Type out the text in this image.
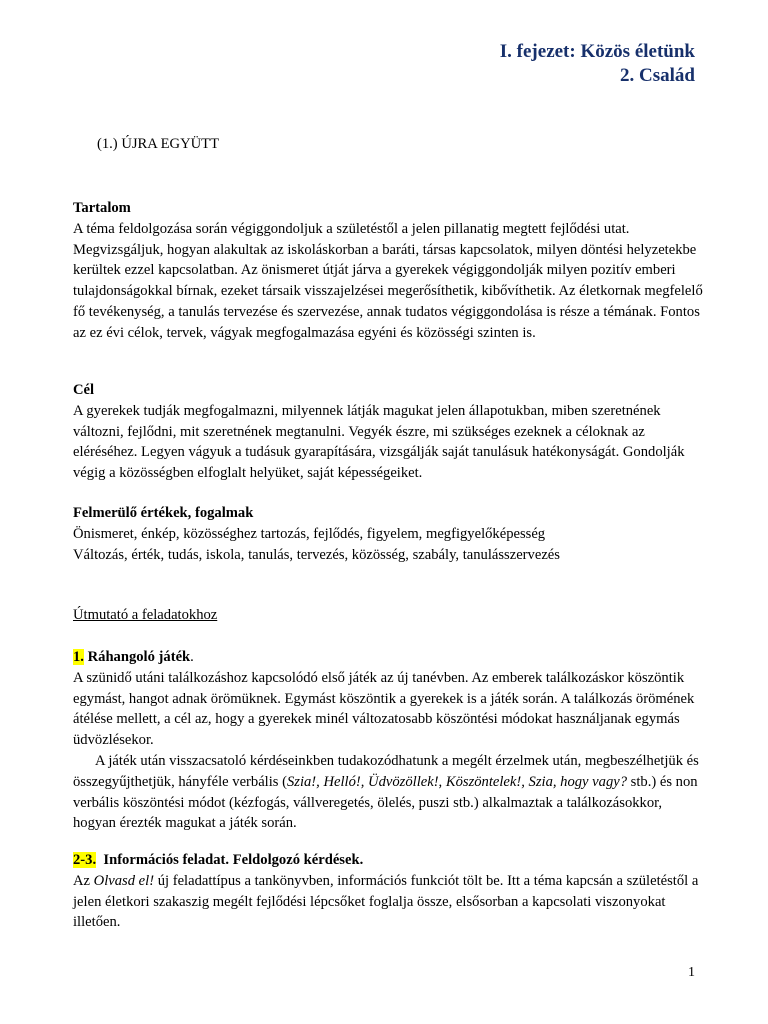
I. fejezet: Közös életünk
2. Család
(1.) ÚJRA EGYÜTT

Tartalom

A téma feldolgozása során végiggondoljuk a születéstől a jelen pillanatig megtett fejlődési utat. Megvizsgáljuk, hogyan alakultak az iskoláskorban a baráti, társas kapcsolatok, milyen döntési helyzetekbe kerültek ezzel kapcsolatban. Az önismeret útját járva a gyerekek végiggondolják milyen pozitív emberi tulajdonságokkal bírnak, ezeket társaik visszajelzései megerősíthetik, kibővíthetik. Az életkornak megfelelő fő tevékenység, a tanulás tervezése és szervezése, annak tudatos végiggondolása is része a témának. Fontos az ez évi célok, tervek, vágyak megfogalmazása egyéni és közösségi szinten is.

Cél

A gyerekek tudják megfogalmazni, milyennek látják magukat jelen állapotukban, miben szeretnének változni, fejlődni, mit szeretnének megtanulni. Vegyék észre, mi szükséges ezeknek a céloknak az eléréséhez. Legyen vágyuk a tudásuk gyarapítására, vizsgálják saját tanulásuk hatékonyságát. Gondolják végig a közösségben elfoglalt helyüket, saját képességeiket.

Felmerülő értékek, fogalmak

Önismeret, énkép, közösséghez tartozás, fejlődés, figyelem, megfigyelőképesség

Változás, érték, tudás, iskola, tanulás, tervezés, közösség, szabály, tanulásszervezés

Útmutató a feladatokhoz

1. Ráhangoló játék.

A szünidő utáni találkozáshoz kapcsolódó első játék az új tanévben. Az emberek találkozáskor köszöntik egymást, hangot adnak örömüknek. Egymást köszöntik a gyerekek is a játék során. A találkozás örömének átélése mellett, a cél az, hogy a gyerekek minél változatosabb köszöntési módokat használjanak egymás üdvözlésekor.

A játék után visszacsatoló kérdéseinkben tudakozódhatunk a megélt érzelmek után, megbeszélhetjük és összegyűjthetjük, hányféle verbális (Szia!, Helló!, Üdvözöllek!, Köszöntelek!, Szia, hogy vagy? stb.) és non verbális köszöntési módot (kézfogás, vállveregetés, ölelés, puszi stb.) alkalmaztak a találkozásokkor, hogyan érezték magukat a játék során.

2-3.  Információs feladat. Feldolgozó kérdések.

Az Olvasd el! új feladattípus a tankönyvben, információs funkciót tölt be. Itt a téma kapcsán a születéstől a jelen életkori szakaszig megélt fejlődési lépcsőket foglalja össze, elsősorban a kapcsolati viszonyokat illetően.

1
